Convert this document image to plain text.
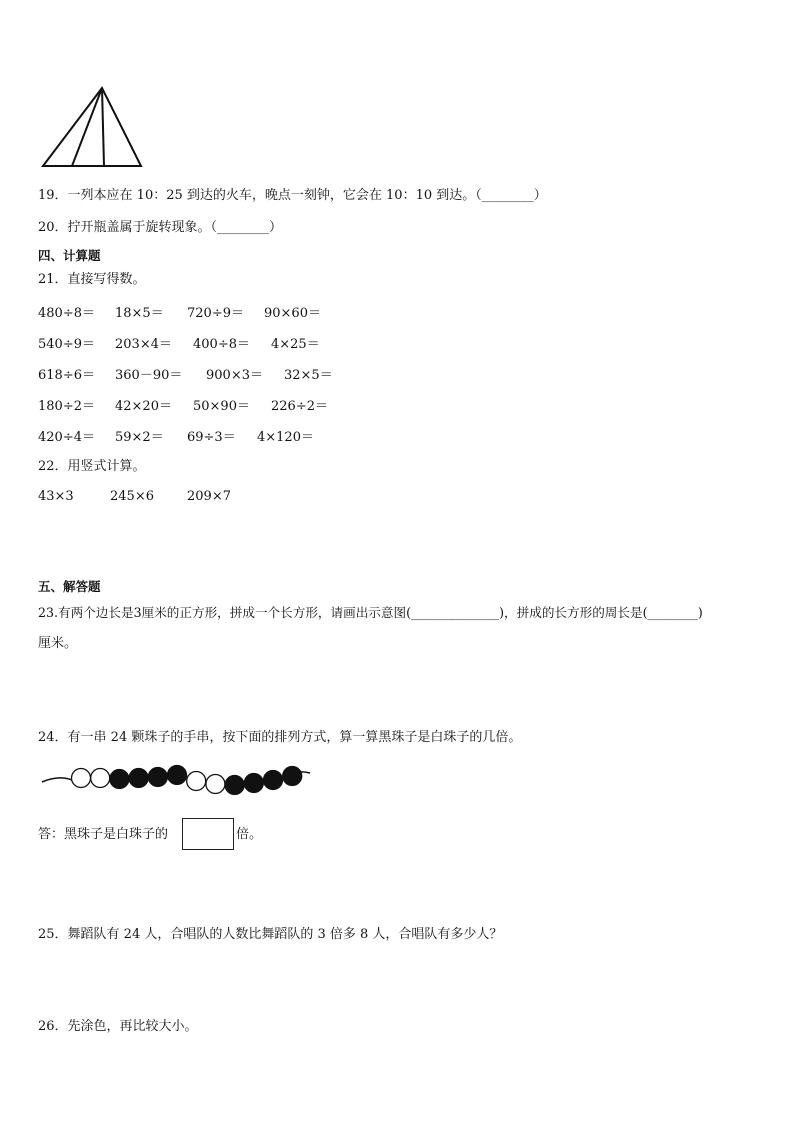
19．一列本应在 10：25 到达的火车，晚点一刻钟，它会在 10：10 到达。（________）
20．拧开瓶盖属于旋转现象。（________）
四、计算题
21．直接写得数。
480÷8＝ 18×5＝ 720÷9＝ 90×60＝
540÷9＝ 203×4＝ 400÷8＝ 4×25＝
618÷6＝ 360－90＝ 900×3＝ 32×5＝
180÷2＝ 42×20＝ 50×90＝ 226÷2＝
420÷4＝ 59×2＝ 69÷3＝ 4×120＝
22．用竖式计算。
43×3	245×6	209×7
五、解答题
23.有两个边长是3厘米的正方形，拼成一个长方形，请画出示意图(______________)，拼成的长方形的周长是(________)
厘米。
24．有一串 24 颗珠子的手串，按下面的排列方式，算一算黑珠子是白珠子的几倍。
答：黑珠子是白珠子的	倍。
25．舞蹈队有 24 人，合唱队的人数比舞蹈队的 3 倍多 8 人，合唱队有多少人？
26．先涂色，再比较大小。
